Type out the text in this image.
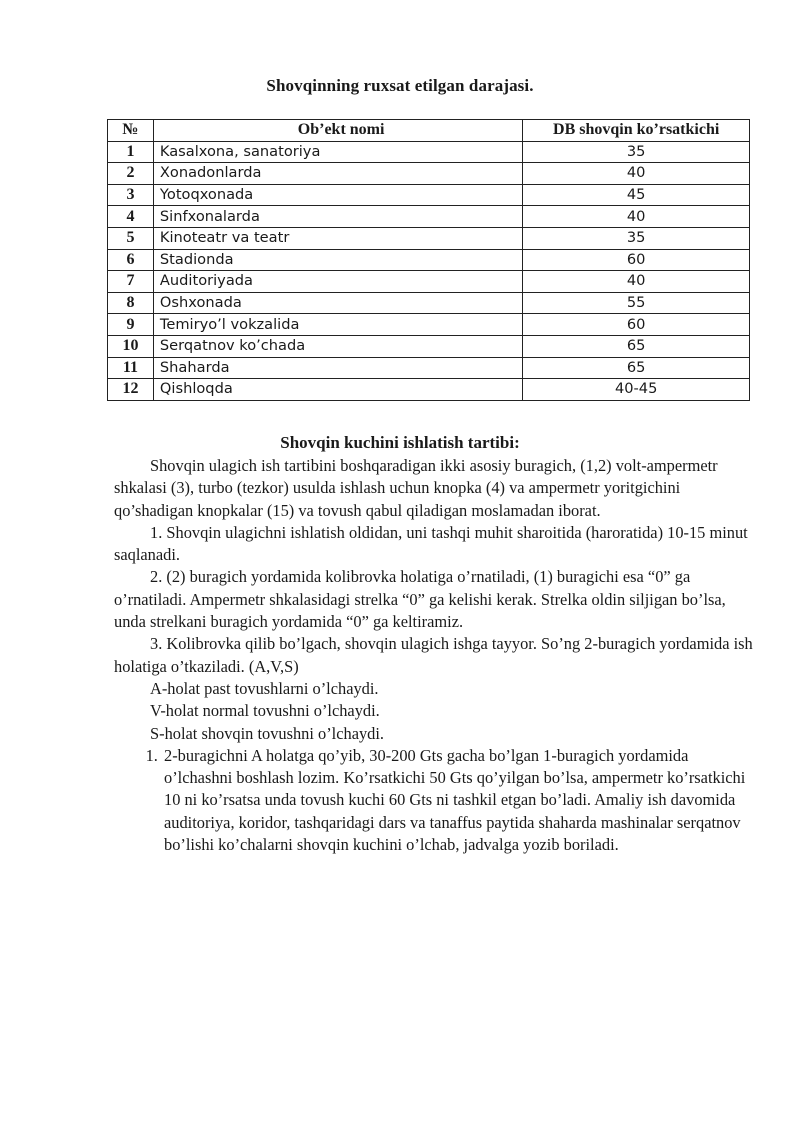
Shovqinning ruxsat etilgan darajasi.
№	Ob’ekt nomi	DB shovqin ko’rsatkichi
1	Kasalxona, sanatoriya	35
2	Xonadonlarda	40
3	Yotoqxonada	45
4	Sinfxonalarda	40
5	Kinoteatr va teatr	35
6	Stadionda	60
7	Auditoriyada	40
8	Oshxonada	55
9	Temiryo’l vokzalida	60
10	Serqatnov ko’chada	65
11	Shaharda	65
12	Qishloqda	40-45
Shovqin kuchini ishlatish tartibi:

Shovqin ulagich ish tartibini boshqaradigan ikki asosiy buragich, (1,2) volt-ampermetr shkalasi (3), turbo (tezkor) usulda ishlash uchun knopka (4) va ampermetr yoritgichini qo’shadigan knopkalar (15) va tovush qabul qiladigan moslamadan iborat.

1. Shovqin ulagichni ishlatish oldidan, uni tashqi muhit sharoitida (haroratida) 10-15 minut saqlanadi.

2. (2) buragich yordamida kolibrovka holatiga o’rnatiladi, (1) buragichi esa “0” ga o’rnatiladi. Ampermetr shkalasidagi strelka “0” ga kelishi kerak. Strelka oldin siljigan bo’lsa, unda strelkani buragich yordamida “0” ga keltiramiz.

3. Kolibrovka qilib bo’lgach, shovqin ulagich ishga tayyor. So’ng 2-buragich yordamida ish holatiga o’tkaziladi. (A,V,S)

A-holat past tovushlarni o’lchaydi.

V-holat normal tovushni o’lchaydi.

S-holat shovqin tovushni o’lchaydi.

1. 2-buragichni A holatga qo’yib, 30-200 Gts gacha bo’lgan 1-buragich yordamida o’lchashni boshlash lozim. Ko’rsatkichi 50 Gts qo’yilgan bo’lsa, ampermetr ko’rsatkichi 10 ni ko’rsatsa unda tovush kuchi 60 Gts ni tashkil etgan bo’ladi. Amaliy ish davomida auditoriya, koridor, tashqaridagi dars va tanaffus paytida shaharda mashinalar serqatnov bo’lishi ko’chalarni shovqin kuchini o’lchab, jadvalga yozib boriladi.
